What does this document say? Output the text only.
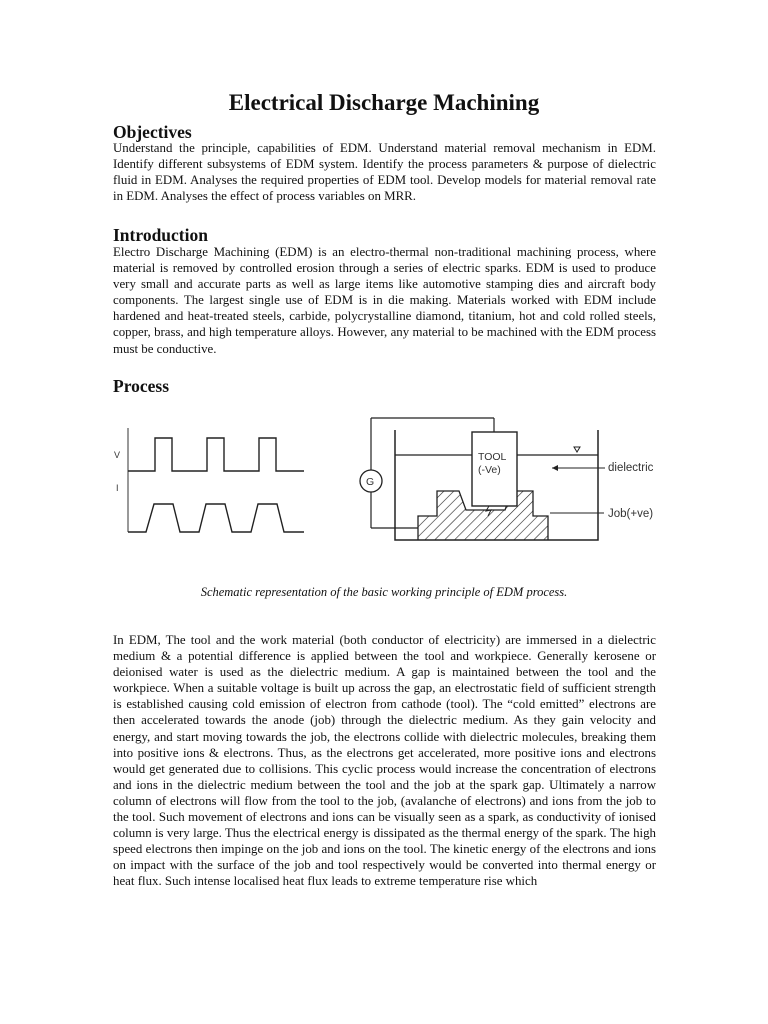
Electrical Discharge Machining
Objectives

Understand the principle, capabilities of EDM. Understand material removal mechanism in EDM. Identify different subsystems of EDM system. Identify the process parameters & purpose of dielectric fluid in EDM. Analyses the required properties of EDM tool. Develop models for material removal rate in EDM. Analyses the effect of process variables on MRR.

Introduction

Electro Discharge Machining (EDM) is an electro-thermal non-traditional machining process, where material is removed by controlled erosion through a series of electric sparks. EDM is used to produce very small and accurate parts as well as large items like automotive stamping dies and aircraft body components. The largest single use of EDM is in die making. Materials worked with EDM include hardened and heat-treated steels, carbide, polycrystalline diamond, titanium, hot and cold rolled steels, copper, brass, and high temperature alloys. However, any material to be machined with the EDM process must be conductive.

Process
V
I
TOOL
(-Ve)
G
dielectric
Job(+ve)

Schematic representation of the basic working principle of EDM process.

In EDM, The tool and the work material (both conductor of electricity) are immersed in a dielectric medium & a potential difference is applied between the tool and workpiece. Generally kerosene or deionised water is used as the dielectric medium. A gap is maintained between the tool and the workpiece. When a suitable voltage is built up across the gap, an electrostatic field of sufficient strength is established causing cold emission of electron from cathode (tool). The “cold emitted” electrons are then accelerated towards the anode (job) through the dielectric medium. As they gain velocity and energy, and start moving towards the job, the electrons collide with dielectric molecules, breaking them into positive ions & electrons. Thus, as the electrons get accelerated, more positive ions and electrons would get generated due to collisions. This cyclic process would increase the concentration of electrons and ions in the dielectric medium between the tool and the job at the spark gap. Ultimately a narrow column of electrons will flow from the tool to the job, (avalanche of electrons) and ions from the job to the tool. Such movement of electrons and ions can be visually seen as a spark, as conductivity of ionised column is very large. Thus the electrical energy is dissipated as the thermal energy of the spark. The high speed electrons then impinge on the job and ions on the tool. The kinetic energy of the electrons and ions on impact with the surface of the job and tool respectively would be converted into thermal energy or heat flux. Such intense localised heat flux leads to extreme temperature rise which
